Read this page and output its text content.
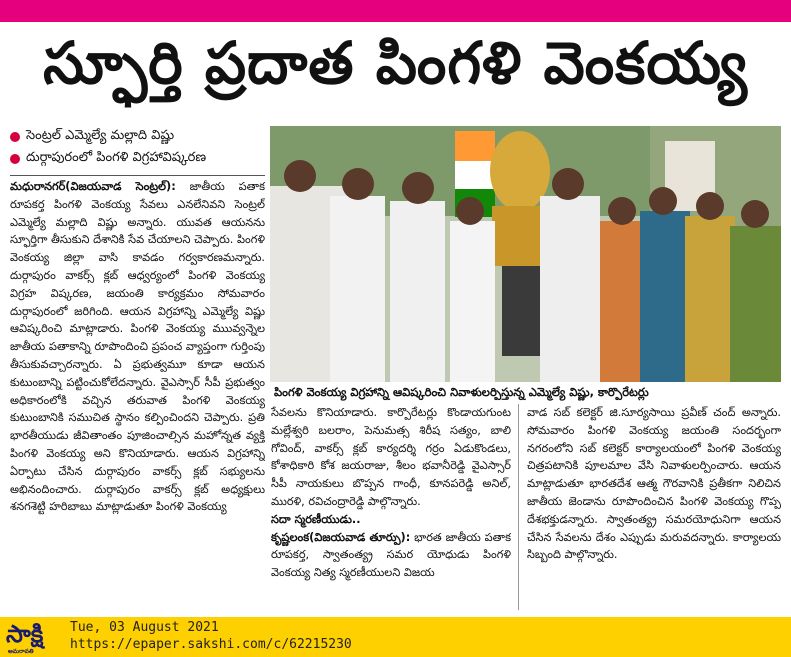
స్ఫూర్తి ప్రదాత పింగళి వెంకయ్య
సెంట్రల్ ఎమ్మెల్యే మల్లాది విష్ణు
దుర్గాపురంలో పింగళి విగ్రహావిష్కరణ
పింగళి వెంకయ్య విగ్రహాన్ని ఆవిష్కరించి నివాళులర్పిస్తున్న ఎమ్మెల్యే విష్ణు, కార్పొరేటర్లు

మధురానగర్(విజయవాడ సెంట్రల్): జాతీయ పతాక రూపకర్త పింగళి వెంకయ్య సేవలు ఎనలేనివని సెంట్రల్ ఎమ్మెల్యే మల్లాది విష్ణు అన్నారు. యువత ఆయనను స్ఫూర్తిగా తీసుకుని దేశానికి సేవ చేయాలని చెప్పారు. పింగళి వెంకయ్య జిల్లా వాసి కావడం గర్వకారణమన్నారు. దుర్గాపురం వాకర్స్ క్లబ్ ఆధ్వర్యంలో పింగళి వెంకయ్య విగ్రహ విష్కరణ, జయంతి కార్యక్రమం సోమవారం దుర్గాపురంలో జరిగింది. ఆయన విగ్రహాన్ని ఎమ్మెల్యే విష్ణు ఆవిష్కరించి మాట్లాడారు. పింగళి వెంకయ్య ముువ్వన్నెల జాతీయ పతాకాన్ని రూపొందించి ప్రపంచ వ్యాప్తంగా గుర్తింపు తీసుకువచ్చారన్నారు. ఏ ప్రభుత్వమూ కూడా ఆయన కుటుంబాన్ని పట్టించుకోలేదన్నారు. వైఎస్సార్ సీపీ ప్రభుత్వం అధికారంలోకి వచ్చిన తరువాత పింగళి వెంకయ్య కుటుంబానికి సముచిత స్థానం కల్పించిందని చెప్పారు. ప్రతి భారతీయుడు జీవితాంతం పూజించాల్సిన మహోన్నత వ్యక్తి పింగళి వెంకయ్య అని కొనియాడారు. ఆయన విగ్రహాన్ని ఏర్పాటు చేసిన దుర్గాపురం వాకర్స్ క్లబ్ సభ్యులను అభినందించారు. దుర్గాపురం వాకర్స్ క్లబ్ అధ్యక్షులు శనగశెట్టి హరిబాబు మాట్లాడుతూ పింగళి వెంకయ్య

సేవలను కొనియాడారు. కార్పొరేటర్లు కొండాయగుంట మల్లేశ్వరి బలరాం, పెనుమత్స శిరీష సత్యం, బాలి గోవింద్, వాకర్స్ క్లబ్ కార్యదర్శి గర్రం ఏడుకొండలు, కోశాధికారి కోశ జయరాజు, శీలం భవానీరెడ్డి వైఎస్సార్ సీపీ నాయకులు బొప్పన గాంధీ, కూనపరెడ్డి అనిల్, మురళి, రవిచంద్రారెడ్డి పాల్గొన్నారు.

సదా స్మరణీయుడు..

కృష్ణలంక(విజయవాడ తూర్పు): భారత జాతీయ పతాక రూపకర్త, స్వాతంత్య్ర సమర యోధుడు పింగళి వెంకయ్య నిత్య స్మరణీయులని విజయ

వాడ సబ్ కలెక్టర్ జి.సూర్యసాయి ప్రవీణ్ చంద్ అన్నారు. సోమవారం పింగళి వెంకయ్య జయంతి సందర్భంగా నగరంలోని సబ్ కలెక్టర్ కార్యాలయంలో పింగళి వెంకయ్య చిత్రపటానికి పూలమాల వేసి నివాళులర్పించారు. ఆయన మాట్లాడుతూ భారతదేశ ఆత్మ గౌరవానికి ప్రతీకగా నిలిచిన జాతీయ జెండాను రూపొందించిన పింగళి వెంకయ్య గొప్ప దేశభక్తుడన్నారు. స్వాతంత్య్ర సమరయోధునిగా ఆయన చేసిన సేవలను దేశం ఎప్పుడు మరువదన్నారు. కార్యాలయ సిబ్బంది పాల్గొన్నారు.

సాక్షి
అమరావతి
Tue, 03 August 2021
https://epaper.sakshi.com/c/62215230
